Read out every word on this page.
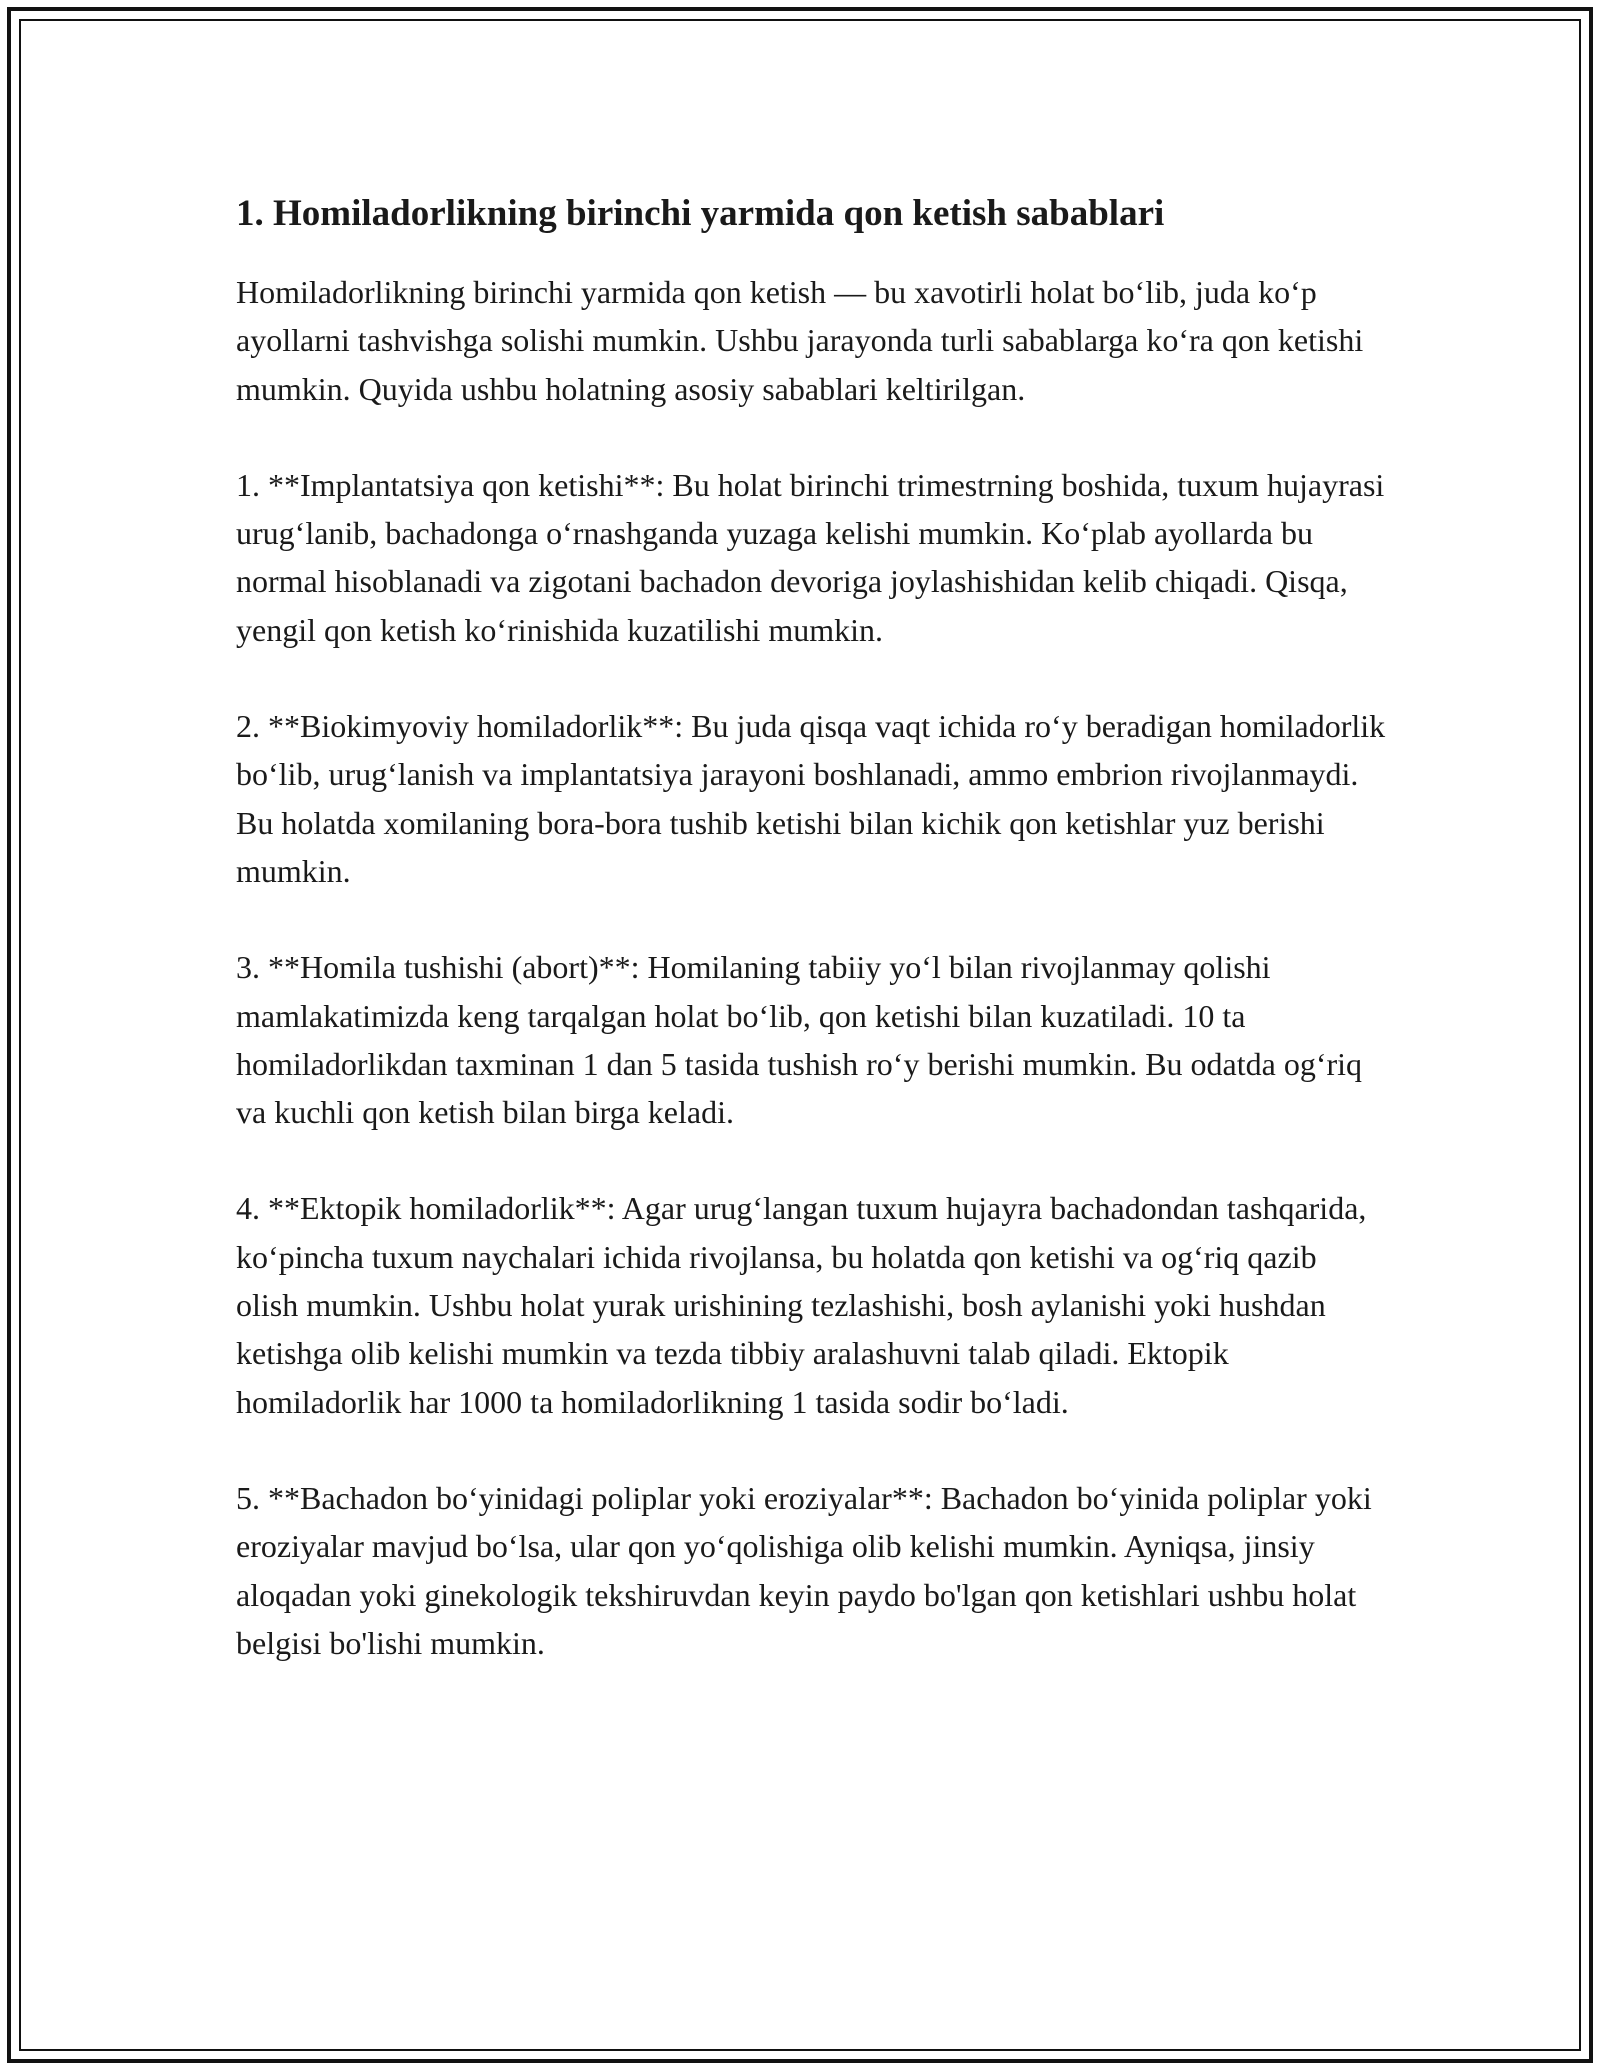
1. Homiladorlikning birinchi yarmida qon ketish sabablari

Homiladorlikning birinchi yarmida qon ketish — bu xavotirli holat bo‘lib, juda ko‘p ayollarni tashvishga solishi mumkin. Ushbu jarayonda turli sabablarga ko‘ra qon ketishi mumkin. Quyida ushbu holatning asosiy sabablari keltirilgan.

1. **Implantatsiya qon ketishi**: Bu holat birinchi trimestrning boshida, tuxum hujayrasi urug‘lanib, bachadonga o‘rnashganda yuzaga kelishi mumkin. Ko‘plab ayollarda bu normal hisoblanadi va zigotani bachadon devoriga joylashishidan kelib chiqadi. Qisqa, yengil qon ketish ko‘rinishida kuzatilishi mumkin.

2. **Biokimyoviy homiladorlik**: Bu juda qisqa vaqt ichida ro‘y beradigan homiladorlik bo‘lib, urug‘lanish va implantatsiya jarayoni boshlanadi, ammo embrion rivojlanmaydi. Bu holatda xomilaning bora-bora tushib ketishi bilan kichik qon ketishlar yuz berishi mumkin.

3. **Homila tushishi (abort)**: Homilaning tabiiy yo‘l bilan rivojlanmay qolishi mamlakatimizda keng tarqalgan holat bo‘lib, qon ketishi bilan kuzatiladi. 10 ta homiladorlikdan taxminan 1 dan 5 tasida tushish ro‘y berishi mumkin. Bu odatda og‘riq va kuchli qon ketish bilan birga keladi.

4. **Ektopik homiladorlik**: Agar urug‘langan tuxum hujayra bachadondan tashqarida, ko‘pincha tuxum naychalari ichida rivojlansa, bu holatda qon ketishi va og‘riq qazib olish mumkin. Ushbu holat yurak urishining tezlashishi, bosh aylanishi yoki hushdan ketishga olib kelishi mumkin va tezda tibbiy aralashuvni talab qiladi. Ektopik homiladorlik har 1000 ta homiladorlikning 1 tasida sodir bo‘ladi.

5. **Bachadon bo‘yinidagi poliplar yoki eroziyalar**: Bachadon bo‘yinida poliplar yoki eroziyalar mavjud bo‘lsa, ular qon yo‘qolishiga olib kelishi mumkin. Ayniqsa, jinsiy aloqadan yoki ginekologik tekshiruvdan keyin paydo bo'lgan qon ketishlari ushbu holat belgisi bo'lishi mumkin.
